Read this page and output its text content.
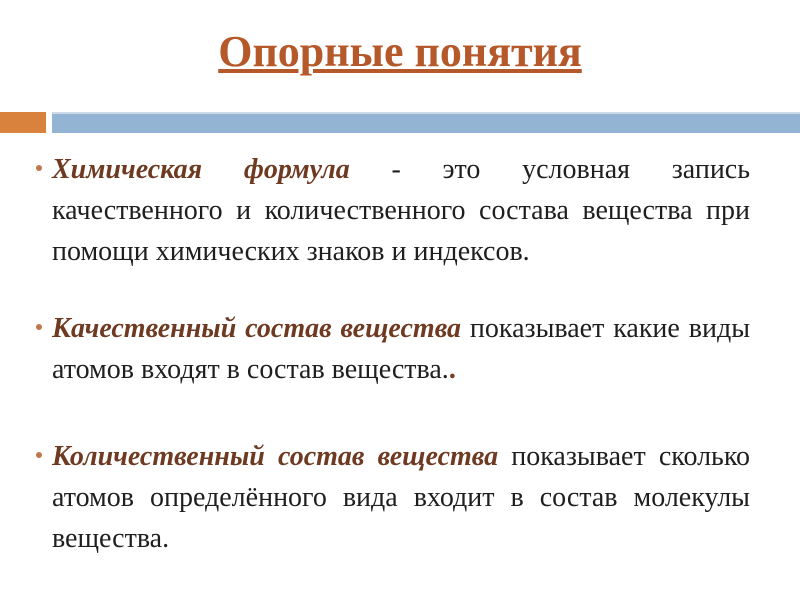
Опорные понятия
Химическая формула - это условная запись качественного и количественного состава вещества при помощи химических знаков и индексов.
Качественный состав вещества показывает какие виды атомов входят в состав вещества..
Количественный состав вещества показывает сколько атомов определённого вида входит в состав молекулы вещества.
